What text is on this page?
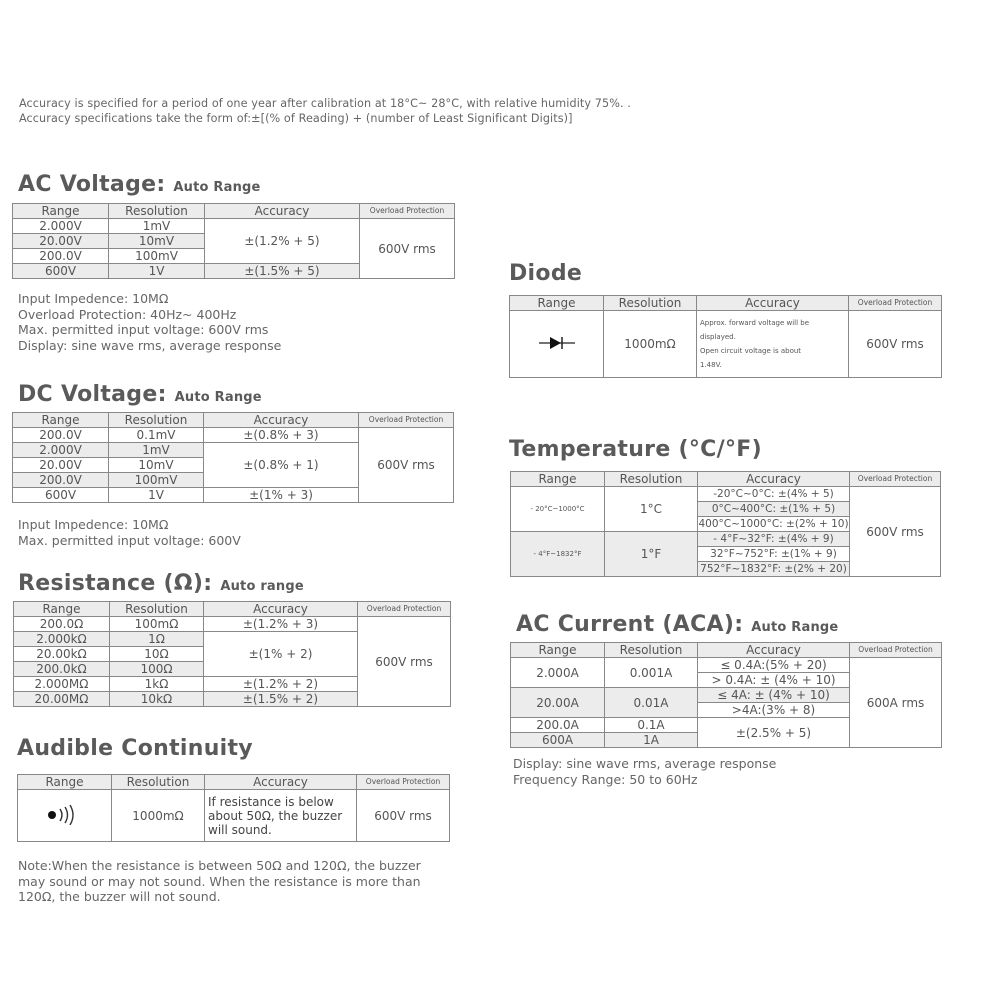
Accuracy is specified for a period of one year after calibration at 18°C~ 28°C, with relative humidity 75%. .
Accuracy specifications take the form of:±[(% of Reading) + (number of Least Significant Digits)]
AC Voltage: Auto Range
Range	Resolution	Accuracy	Overload Protection
2.000V	1mV	±(1.2% + 5)	600V rms
20.00V	10mV		
200.0V	100mV		
600V	1V	±(1.5% + 5)	
Input Impedence: 10MΩ
Overload Protection: 40Hz~ 400Hz
Max. permitted input voltage: 600V rms
Display: sine wave rms, average response
DC Voltage: Auto Range
Range	Resolution	Accuracy	Overload Protection
200.0V	0.1mV	±(0.8% + 3)	600V rms
2.000V	1mV	±(0.8% + 1)	
20.00V	10mV		
200.0V	100mV		
600V	1V	±(1% + 3)	
Input Impedence: 10MΩ
Max. permitted input voltage: 600V
Resistance (Ω): Auto range
Range	Resolution	Accuracy	Overload Protection
200.0Ω	100mΩ	±(1.2% + 3)	600V rms
2.000kΩ	1Ω	±(1% + 2)	
20.00kΩ	10Ω		
200.0kΩ	100Ω		
2.000MΩ	1kΩ	±(1.2% + 2)	
20.00MΩ	10kΩ	±(1.5% + 2)	
Audible Continuity
Range	Resolution	Accuracy	Overload Protection
	1000mΩ	If resistance is below about 50Ω, the buzzer will sound.	600V rms
Note:When the resistance is between 50Ω and 120Ω, the buzzer
may sound or may not sound. When the resistance is more than
120Ω, the buzzer will not sound.
Diode
Range	Resolution	Accuracy	Overload Protection
	1000mΩ	Approx. forward voltage will be
displayed.
Open circuit voltage is about
1.48V.	600V rms
Temperature (°C/°F)
Range	Resolution	Accuracy	Overload Protection
- 20°C~1000°C	1°C	-20°C~0°C: ±(4% + 5)	600V rms
		0°C~400°C: ±(1% + 5)	
		400°C~1000°C: ±(2% + 10)	
- 4°F~1832°F	1°F	- 4°F~32°F: ±(4% + 9)	
		32°F~752°F: ±(1% + 9)	
		752°F~1832°F: ±(2% + 20)	
AC Current (ACA): Auto Range
Range	Resolution	Accuracy	Overload Protection
2.000A	0.001A	≤ 0.4A:(5% + 20)	600A rms
		> 0.4A: ± (4% + 10)	
20.00A	0.01A	≤ 4A: ± (4% + 10)	
		>4A:(3% + 8)	
200.0A	0.1A	±(2.5% + 5)	
600A	1A		
Display: sine wave rms, average response
Frequency Range: 50 to 60Hz
